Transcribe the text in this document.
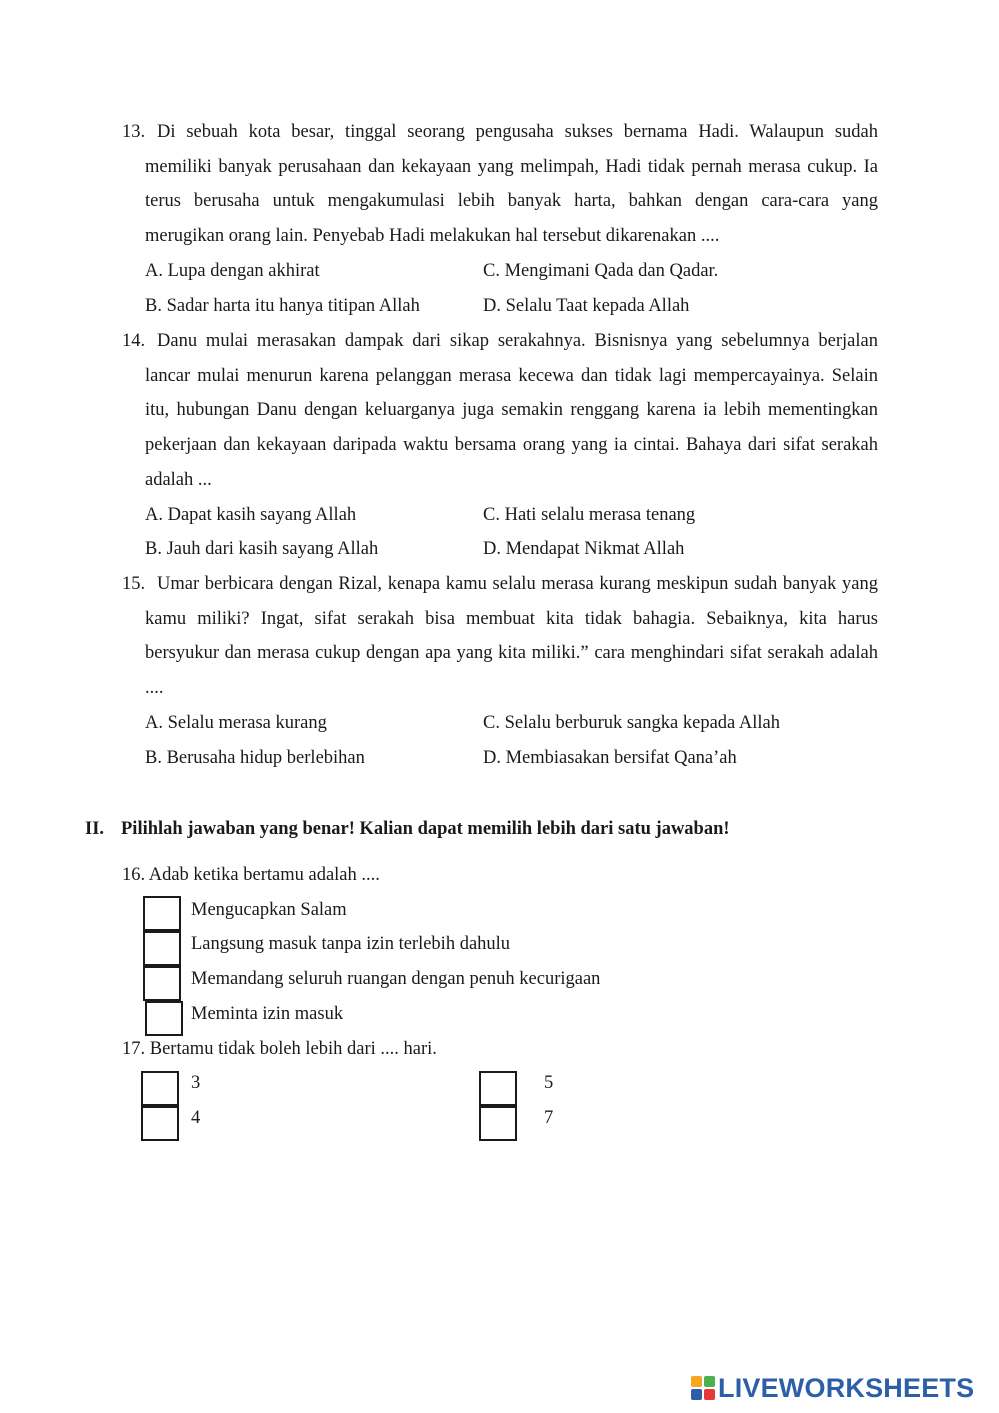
13. Di sebuah kota besar, tinggal seorang pengusaha sukses bernama Hadi. Walaupun sudah memiliki banyak perusahaan dan kekayaan yang melimpah, Hadi tidak pernah merasa cukup. Ia terus berusaha untuk mengakumulasi lebih banyak harta, bahkan dengan cara-cara yang merugikan orang lain. Penyebab Hadi melakukan hal tersebut dikarenakan ....
A. Lupa dengan akhirat
B. Sadar harta itu hanya titipan Allah
C. Mengimani Qada dan Qadar.
D. Selalu Taat kepada Allah
14. Danu mulai merasakan dampak dari sikap serakahnya. Bisnisnya yang sebelumnya berjalan lancar mulai menurun karena pelanggan merasa kecewa dan tidak lagi mempercayainya. Selain itu, hubungan Danu dengan keluarganya juga semakin renggang karena ia lebih mementingkan pekerjaan dan kekayaan daripada waktu bersama orang yang ia cintai. Bahaya dari sifat serakah adalah ...
A. Dapat kasih sayang Allah
B. Jauh dari kasih sayang Allah
C. Hati selalu merasa tenang
D. Mendapat Nikmat Allah
15. Umar berbicara dengan Rizal, kenapa kamu selalu merasa kurang meskipun sudah banyak yang kamu miliki? Ingat, sifat serakah bisa membuat kita tidak bahagia. Sebaiknya, kita harus bersyukur dan merasa cukup dengan apa yang kita miliki.” cara menghindari sifat serakah adalah ....
A. Selalu merasa kurang
B. Berusaha hidup berlebihan
C. Selalu berburuk sangka kepada Allah
D. Membiasakan bersifat Qana’ah
II. Pilihlah jawaban yang benar! Kalian dapat memilih lebih dari satu jawaban!
16. Adab ketika bertamu adalah ....
Mengucapkan Salam
Langsung masuk tanpa izin terlebih dahulu
Memandang seluruh ruangan dengan penuh kecurigaan
Meminta izin masuk
17. Bertamu tidak boleh lebih dari .... hari.
3
4
5
7
LIVEWORKSHEETS
